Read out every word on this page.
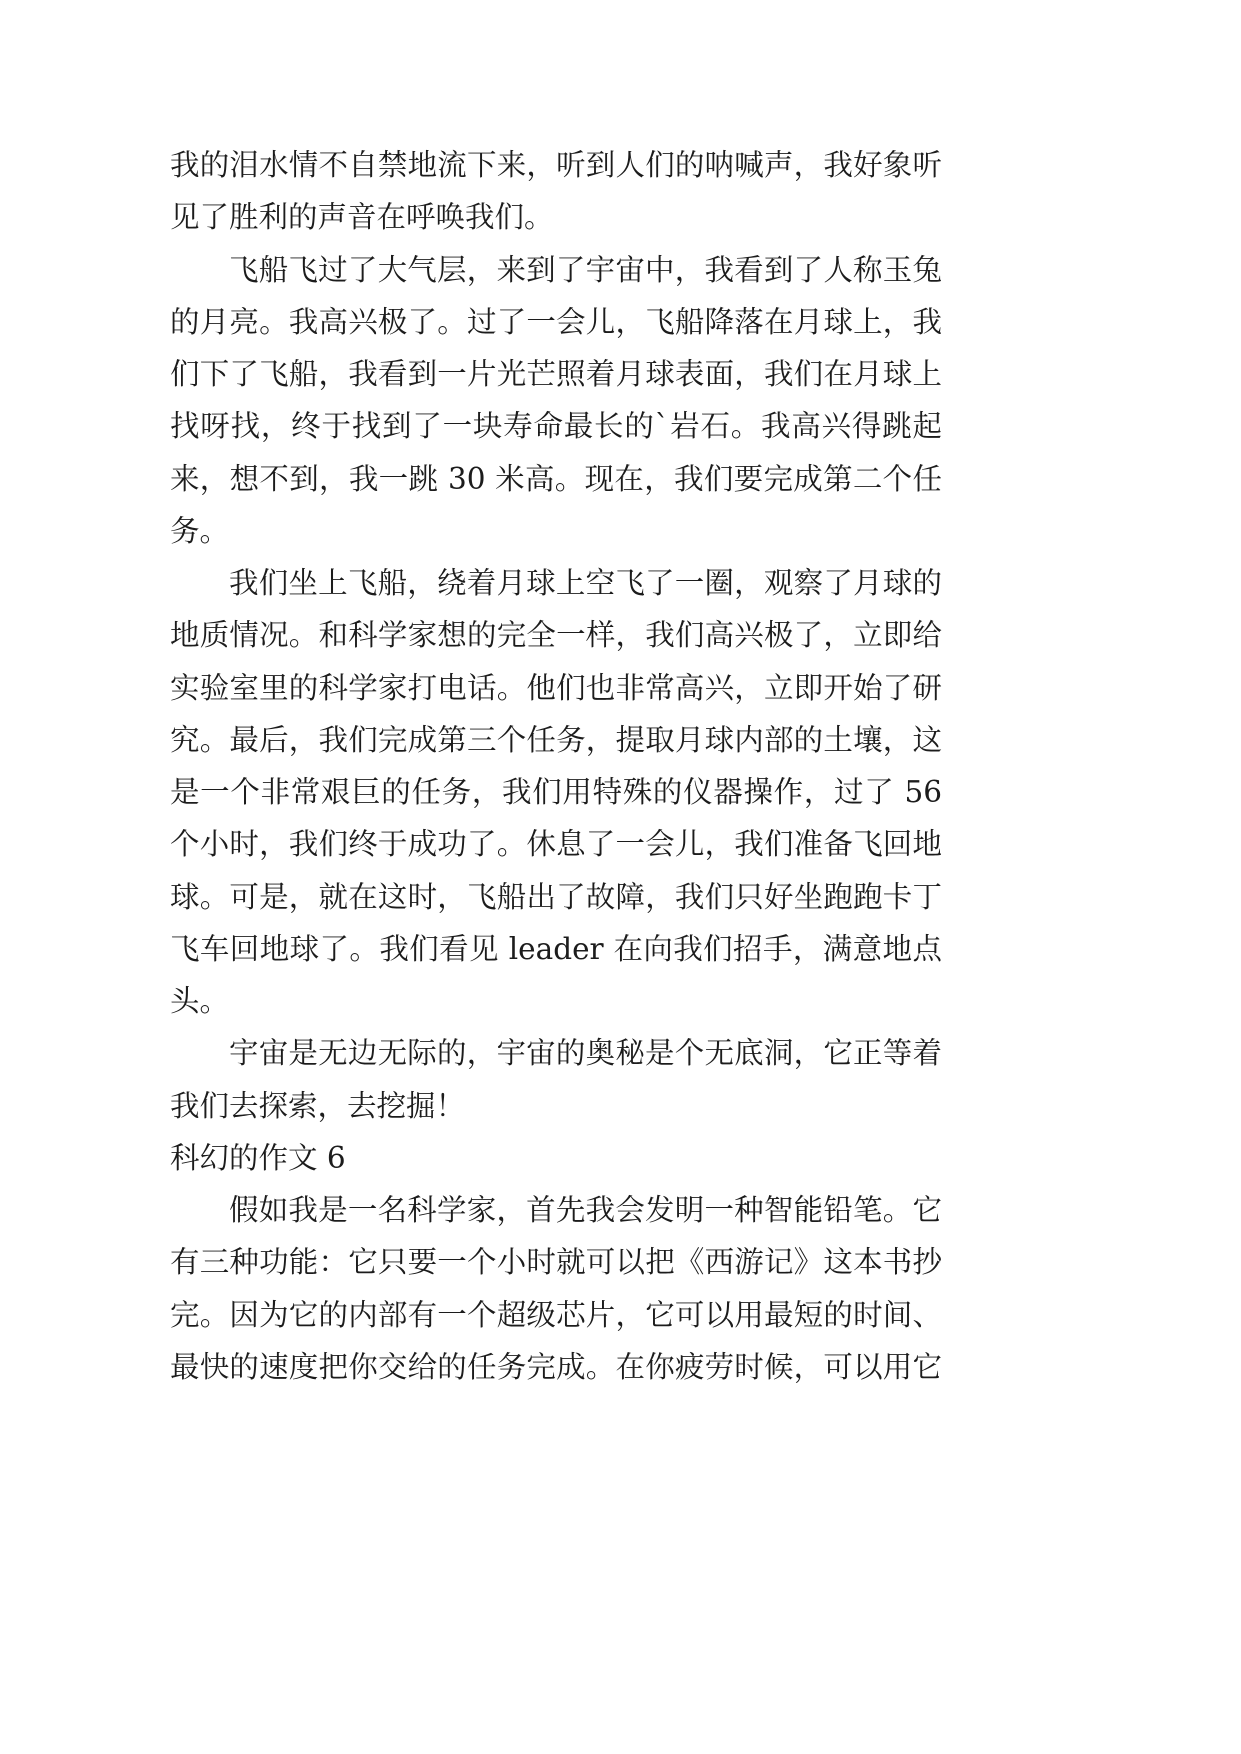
我的泪水情不自禁地流下来，听到人们的呐喊声，我好象听
见了胜利的声音在呼唤我们。
飞船飞过了大气层，来到了宇宙中，我看到了人称玉兔
的月亮。我高兴极了。过了一会儿，飞船降落在月球上，我
们下了飞船，我看到一片光芒照着月球表面，我们在月球上
找呀找，终于找到了一块寿命最长的`岩石。我高兴得跳起
来，想不到，我一跳 30 米高。现在，我们要完成第二个任
务。
我们坐上飞船，绕着月球上空飞了一圈，观察了月球的
地质情况。和科学家想的完全一样，我们高兴极了，立即给
实验室里的科学家打电话。他们也非常高兴，立即开始了研
究。最后，我们完成第三个任务，提取月球内部的土壤，这
是一个非常艰巨的任务，我们用特殊的仪器操作，过了 56
个小时，我们终于成功了。休息了一会儿，我们准备飞回地
球。可是，就在这时，飞船出了故障，我们只好坐跑跑卡丁
飞车回地球了。我们看见 leader 在向我们招手，满意地点
头。
宇宙是无边无际的，宇宙的奥秘是个无底洞，它正等着
我们去探索，去挖掘！
科幻的作文 6
假如我是一名科学家，首先我会发明一种智能铅笔。它
有三种功能：它只要一个小时就可以把《西游记》这本书抄
完。因为它的内部有一个超级芯片，它可以用最短的时间、
最快的速度把你交给的任务完成。在你疲劳时候，可以用它
